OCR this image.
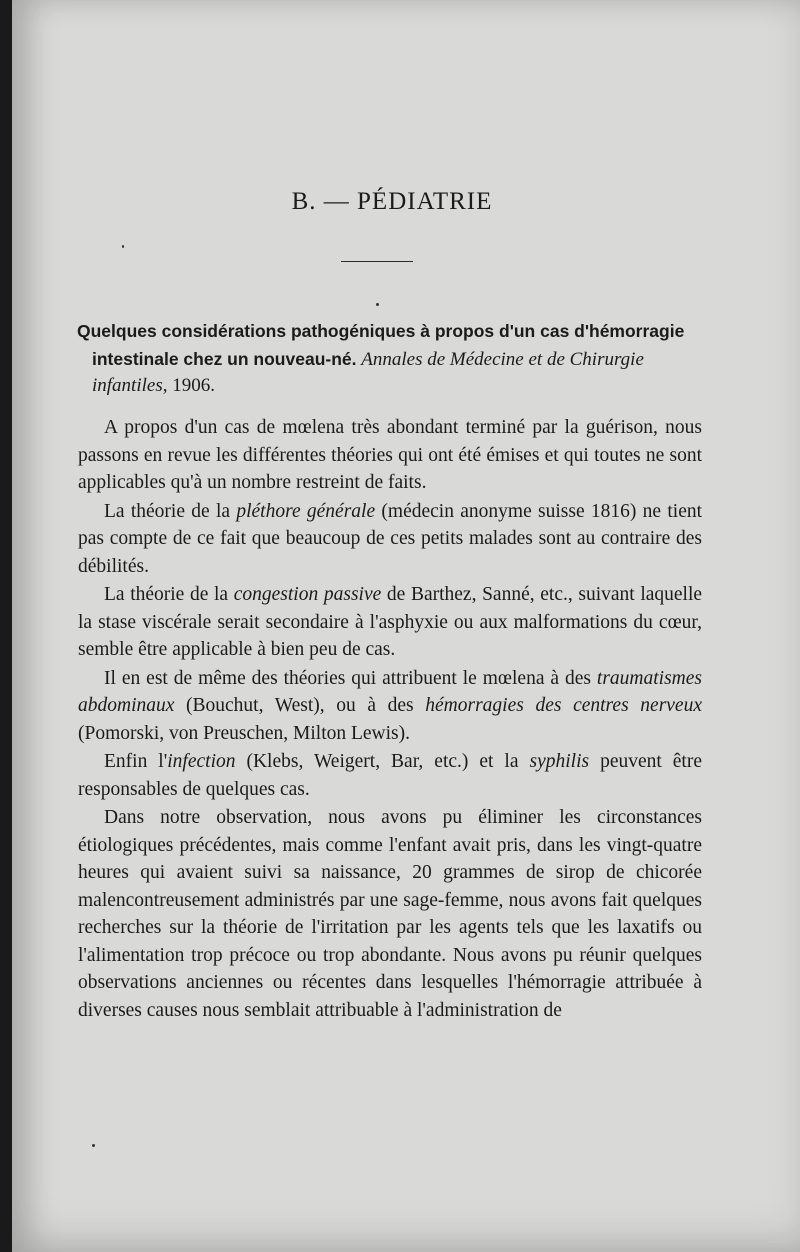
B. — PÉDIATRIE
Quelques considérations pathogéniques à propos d'un cas d'hémorragie
intestinale chez un nouveau-né. Annales de Médecine et de Chirurgie
infantiles, 1906.

A propos d'un cas de mœlena très abondant terminé par la guérison, nous passons en revue les différentes théories qui ont été émises et qui toutes ne sont applicables qu'à un nombre restreint de faits.

La théorie de la pléthore générale (médecin anonyme suisse 1816) ne tient pas compte de ce fait que beaucoup de ces petits malades sont au contraire des débilités.

La théorie de la congestion passive de Barthez, Sanné, etc., suivant laquelle la stase viscérale serait secondaire à l'asphyxie ou aux malformations du cœur, semble être applicable à bien peu de cas.

Il en est de même des théories qui attribuent le mœlena à des traumatismes abdominaux (Bouchut, West), ou à des hémorragies des centres nerveux (Pomorski, von Preuschen, Milton Lewis).

Enfin l'infection (Klebs, Weigert, Bar, etc.) et la syphilis peuvent être responsables de quelques cas.

Dans notre observation, nous avons pu éliminer les circonstances étiologiques précédentes, mais comme l'enfant avait pris, dans les vingt-quatre heures qui avaient suivi sa naissance, 20 grammes de sirop de chicorée malencontreusement administrés par une sage-femme, nous avons fait quelques recherches sur la théorie de l'irritation par les agents tels que les laxatifs ou l'alimentation trop précoce ou trop abondante. Nous avons pu réunir quelques observations anciennes ou récentes dans lesquelles l'hémorragie attribuée à diverses causes nous semblait attribuable à l'administration de
